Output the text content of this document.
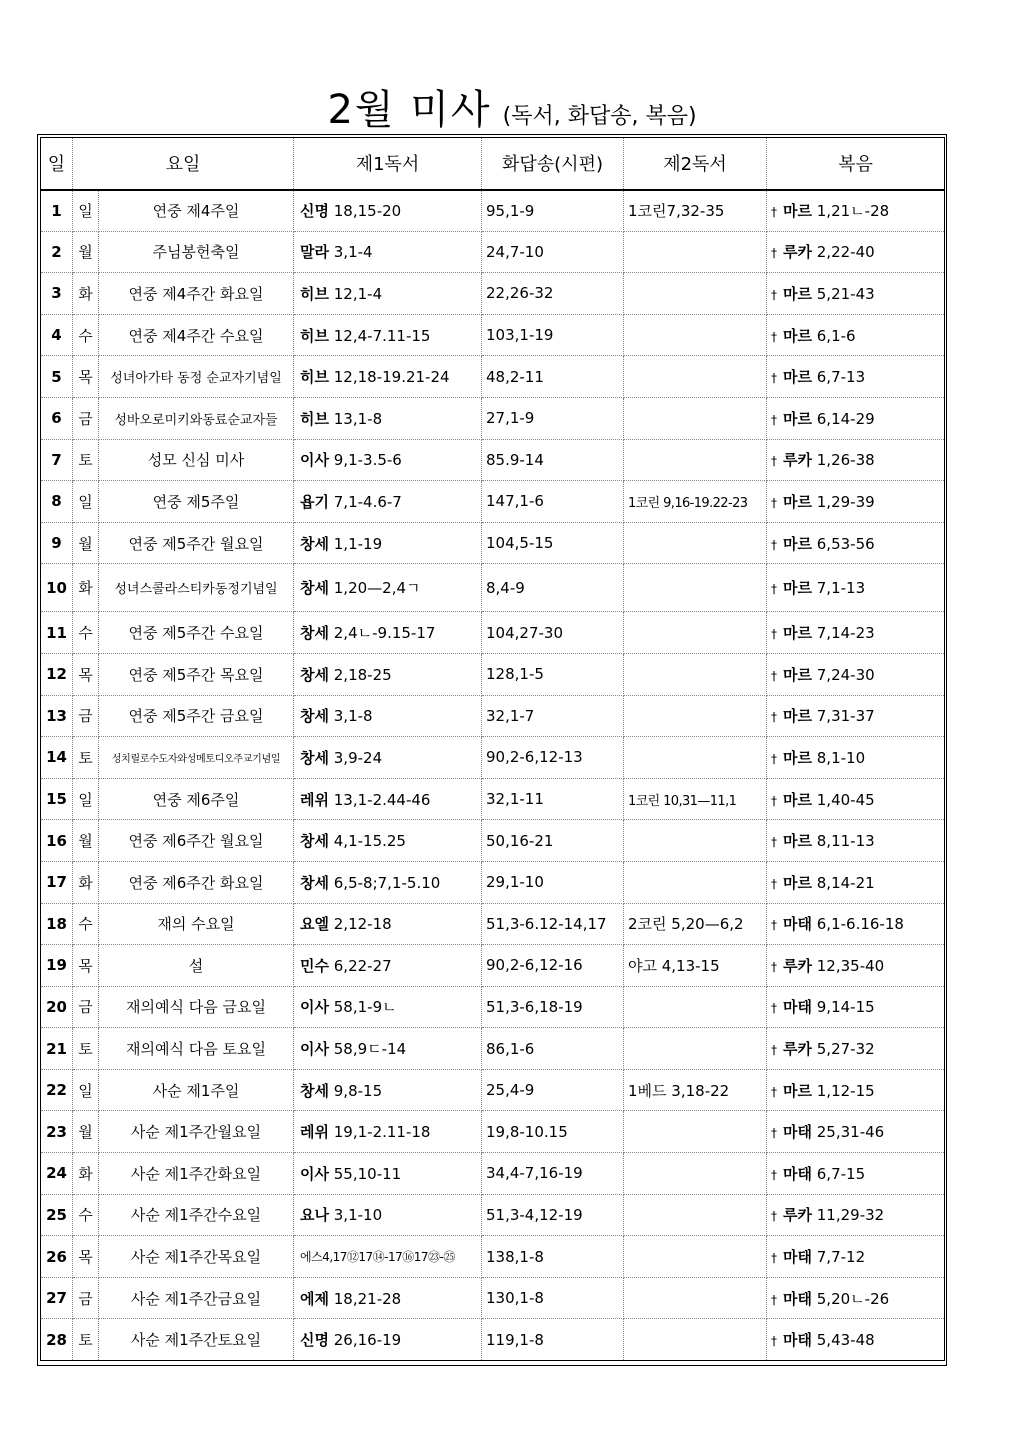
2월 미사 (독서, 화답송, 복음)
일	요일		제1독서	화답송(시편)	제2독서	복음
1	일	연중 제4주일	신명 18,15-20	95,1-9	1코린7,32-35	† 마르 1,21ㄴ-28
2	월	주님봉헌축일	말라 3,1-4	24,7-10		† 루카 2,22-40
3	화	연중 제4주간 화요일	히브 12,1-4	22,26-32		† 마르 5,21-43
4	수	연중 제4주간 수요일	히브 12,4-7.11-15	103,1-19		† 마르 6,1-6
5	목	성녀아가타 동정 순교자기념일	히브 12,18-19.21-24	48,2-11		† 마르 6,7-13
6	금	성바오로미키와동료순교자들	히브 13,1-8	27,1-9		† 마르 6,14-29
7	토	성모 신심 미사	이사 9,1-3.5-6	85.9-14		† 루카 1,26-38
8	일	연중 제5주일	욥기 7,1-4.6-7	147,1-6	1코린 9,16-19.22-23	† 마르 1,29-39
9	월	연중 제5주간 월요일	창세 1,1-19	104,5-15		† 마르 6,53-56
10	화	성녀스콜라스티카동정기념일	창세 1,20—2,4ㄱ	8,4-9		† 마르 7,1-13
11	수	연중 제5주간 수요일	창세 2,4ㄴ-9.15-17	104,27-30		† 마르 7,14-23
12	목	연중 제5주간 목요일	창세 2,18-25	128,1-5		† 마르 7,24-30
13	금	연중 제5주간 금요일	창세 3,1-8	32,1-7		† 마르 7,31-37
14	토	성치릴로수도자와성메토디오주교기념일	창세 3,9-24	90,2-6,12-13		† 마르 8,1-10
15	일	연중 제6주일	레위 13,1-2.44-46	32,1-11	1코린 10,31—11,1	† 마르 1,40-45
16	월	연중 제6주간 월요일	창세 4,1-15.25	50,16-21		† 마르 8,11-13
17	화	연중 제6주간 화요일	창세 6,5-8;7,1-5.10	29,1-10		† 마르 8,14-21
18	수	재의 수요일	요엘 2,12-18	51,3-6.12-14,17	2코린 5,20—6,2	† 마태 6,1-6.16-18
19	목	설	민수 6,22-27	90,2-6,12-16	야고 4,13-15	† 루카 12,35-40
20	금	재의예식 다음 금요일	이사 58,1-9ㄴ	51,3-6,18-19		† 마태 9,14-15
21	토	재의예식 다음 토요일	이사 58,9ㄷ-14	86,1-6		† 루카 5,27-32
22	일	사순 제1주일	창세 9,8-15	25,4-9	1베드 3,18-22	† 마르 1,12-15
23	월	사순 제1주간월요일	레위 19,1-2.11-18	19,8-10.15		† 마태 25,31-46
24	화	사순 제1주간화요일	이사 55,10-11	34,4-7,16-19		† 마태 6,7-15
25	수	사순 제1주간수요일	요나 3,1-10	51,3-4,12-19		† 루카 11,29-32
26	목	사순 제1주간목요일	에스4,17⑫17⑭-17⑯17㉓-㉕	138,1-8		† 마태 7,7-12
27	금	사순 제1주간금요일	에제 18,21-28	130,1-8		† 마태 5,20ㄴ-26
28	토	사순 제1주간토요일	신명 26,16-19	119,1-8		† 마태 5,43-48
